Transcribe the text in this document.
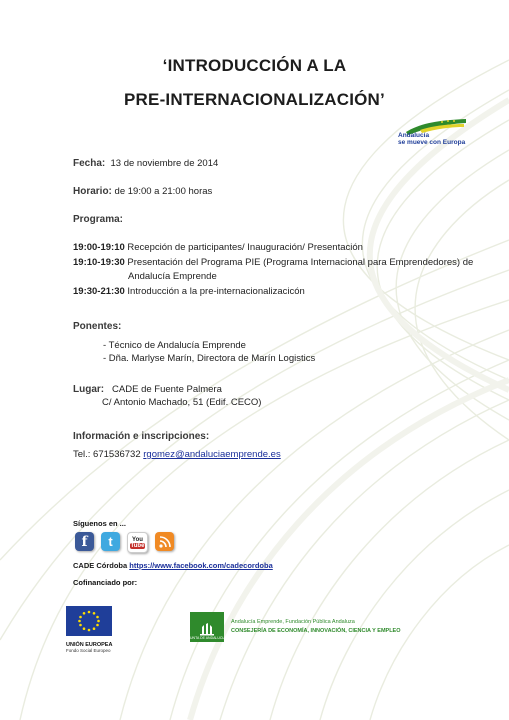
‘INTRODUCCIÓN A LA
PRE-INTERNACIONALIZACIÓN’
Andalucía
se mueve con Europa
Fecha: 13 de noviembre de 2014
Horario: de 19:00 a 21:00 horas
Programa:
19:00-19:10 Recepción de participantes/ Inauguración/ Presentación
19:10-19:30 Presentación del Programa PIE (Programa Internacional para Emprendedores) de
Andalucía Emprende
19:30-21:30 Introducción a la pre-internacionalizacicón
Ponentes:
- Técnico de Andalucía Emprende
- Dña. Marlyse Marín, Directora de Marín Logistics
Lugar: CADE de Fuente Palmera
C/ Antonio Machado, 51 (Edif. CECO)
Información e inscripciones:
Tel.: 671536732 rgomez@andaluciaemprende.es
Síguenos en ...
f	t	You
Tube
CADE Córdoba https://www.facebook.com/cadecordoba
Cofinanciado por:
UNIÓN EUROPEA
Fondo Social Europeo
JUNTA DE ANDALUCIA
Andalucía Emprende, Fundación Pública Andaluza
CONSEJERÍA DE ECONOMÍA, INNOVACIÓN, CIENCIA Y EMPLEO
